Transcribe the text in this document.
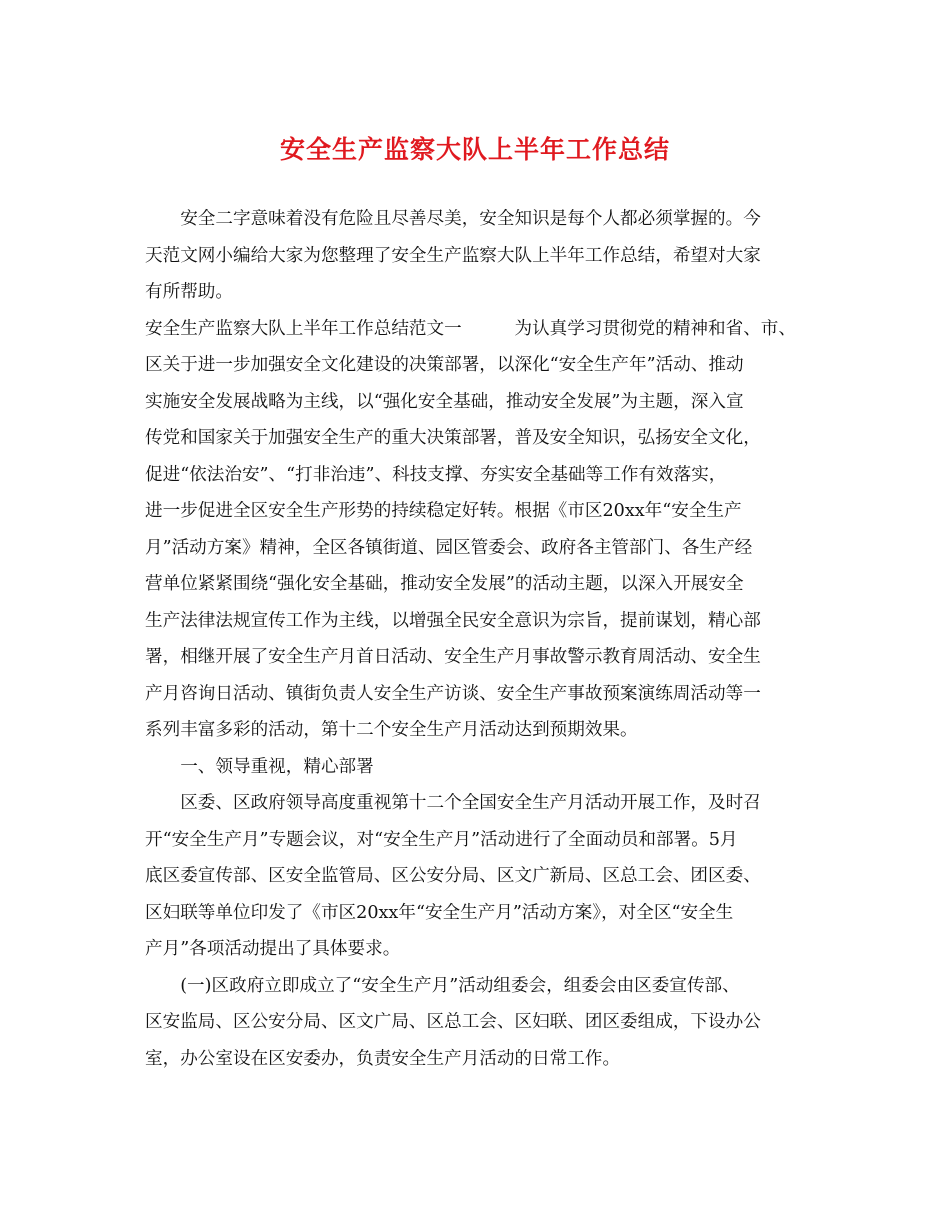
安全生产监察大队上半年工作总结
　　安全二字意味着没有危险且尽善尽美，安全知识是每个人都必须掌握的。今
天范文网小编给大家为您整理了安全生产监察大队上半年工作总结，希望对大家
有所帮助。
安全生产监察大队上半年工作总结范文一　　　为认真学习贯彻党的精神和省、市、
区关于进一步加强安全文化建设的决策部署，以深化“安全生产年”活动、推动
实施安全发展战略为主线，以“强化安全基础，推动安全发展”为主题，深入宣
传党和国家关于加强安全生产的重大决策部署，普及安全知识，弘扬安全文化，
促进“依法治安”、“打非治违”、科技支撑、夯实安全基础等工作有效落实，
进一步促进全区安全生产形势的持续稳定好转。根据《市区20xx年“安全生产
月”活动方案》精神，全区各镇街道、园区管委会、政府各主管部门、各生产经
营单位紧紧围绕“强化安全基础，推动安全发展”的活动主题，以深入开展安全
生产法律法规宣传工作为主线，以增强全民安全意识为宗旨，提前谋划，精心部
署，相继开展了安全生产月首日活动、安全生产月事故警示教育周活动、安全生
产月咨询日活动、镇街负责人安全生产访谈、安全生产事故预案演练周活动等一
系列丰富多彩的活动，第十二个安全生产月活动达到预期效果。
　　一、领导重视，精心部署
　　区委、区政府领导高度重视第十二个全国安全生产月活动开展工作，及时召
开“安全生产月”专题会议，对“安全生产月”活动进行了全面动员和部署。5月
底区委宣传部、区安全监管局、区公安分局、区文广新局、区总工会、团区委、
区妇联等单位印发了《市区20xx年“安全生产月”活动方案》，对全区“安全生
产月”各项活动提出了具体要求。
　　(一)区政府立即成立了“安全生产月”活动组委会，组委会由区委宣传部、
区安监局、区公安分局、区文广局、区总工会、区妇联、团区委组成，下设办公
室，办公室设在区安委办，负责安全生产月活动的日常工作。
